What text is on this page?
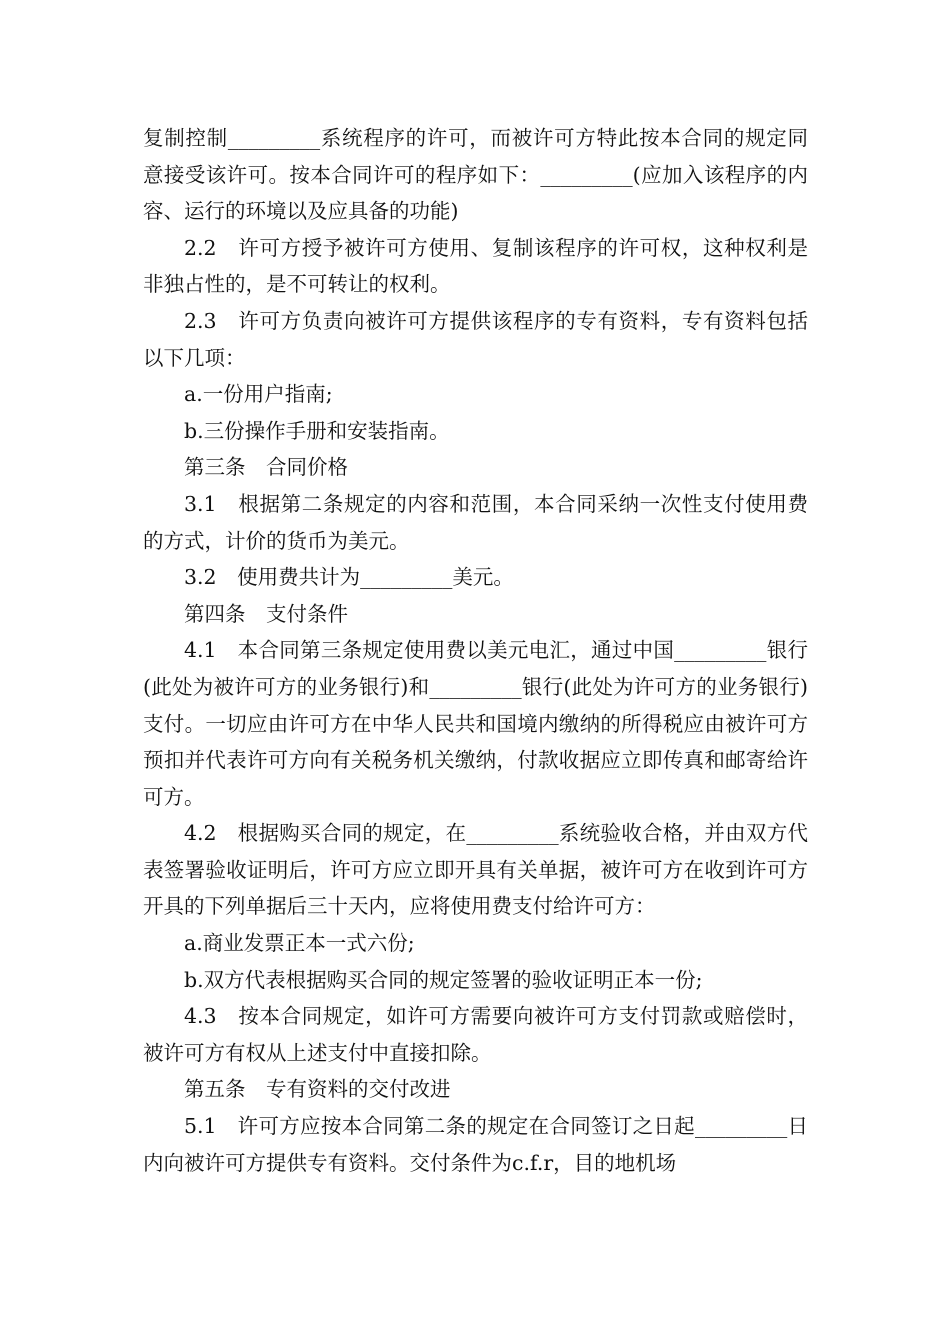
复制控制_________系统程序的许可，而被许可方特此按本合同的规定同意接受该许可。按本合同许可的程序如下：_________(应加入该程序的内容、运行的环境以及应具备的功能)

2.2　许可方授予被许可方使用、复制该程序的许可权，这种权利是非独占性的，是不可转让的权利。

2.3　许可方负责向被许可方提供该程序的专有资料，专有资料包括以下几项：

a.一份用户指南;

b.三份操作手册和安装指南。

第三条　合同价格

3.1　根据第二条规定的内容和范围，本合同采纳一次性支付使用费的方式，计价的货币为美元。

3.2　使用费共计为_________美元。

第四条　支付条件

4.1　本合同第三条规定使用费以美元电汇，通过中国_________银行(此处为被许可方的业务银行)和_________银行(此处为许可方的业务银行)支付。一切应由许可方在中华人民共和国境内缴纳的所得税应由被许可方预扣并代表许可方向有关税务机关缴纳，付款收据应立即传真和邮寄给许可方。

4.2　根据购买合同的规定，在_________系统验收合格，并由双方代表签署验收证明后，许可方应立即开具有关单据，被许可方在收到许可方开具的下列单据后三十天内，应将使用费支付给许可方：

a.商业发票正本一式六份;

b.双方代表根据购买合同的规定签署的验收证明正本一份;

4.3　按本合同规定，如许可方需要向被许可方支付罚款或赔偿时，被许可方有权从上述支付中直接扣除。

第五条　专有资料的交付改进

5.1　许可方应按本合同第二条的规定在合同签订之日起_________日内向被许可方提供专有资料。交付条件为c.f.r，目的地机场
